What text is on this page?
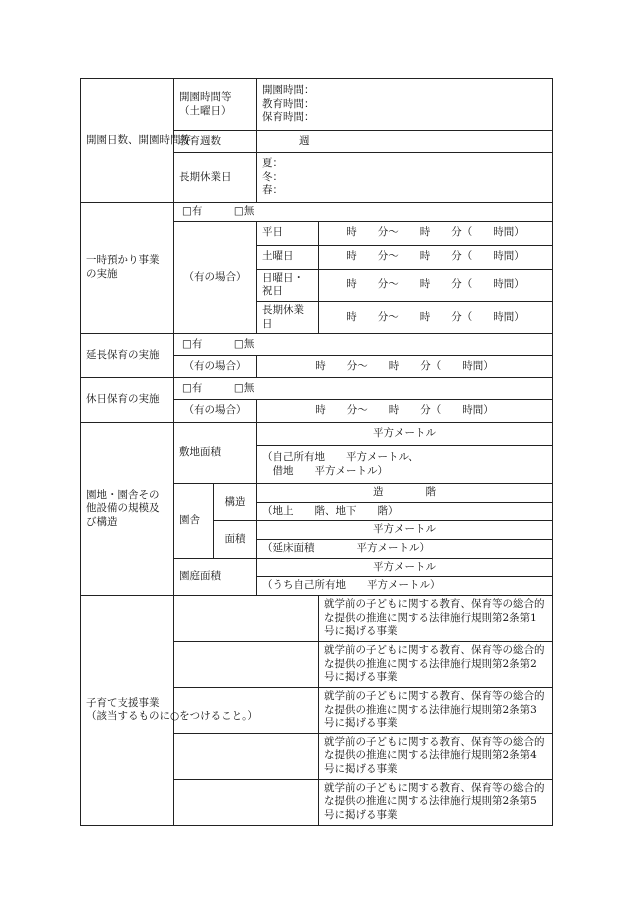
開園日数、開園時間等	開園時間等
（土曜日）		開園時間：
教育時間：
保育時間：	
	教育週数		週	
	長期休業日		夏：
冬：
春：	
一時預かり事業の実施	□有　　　□無			
	（有の場合）		平日	時　　分～　　時　　分（　　時間）
			土曜日	時　　分～　　時　　分（　　時間）
			日曜日・
祝日	時　　分～　　時　　分（　　時間）
			長期休業
日	時　　分～　　時　　分（　　時間）
延長保育の実施	□有　　　□無			
	（有の場合）		時　　分～　　時　　分（　　時間）	
休日保育の実施	□有　　　□無			
	（有の場合）		時　　分～　　時　　分（　　時間）	
園地・園舎その他設備の規模及び構造	敷地面積		平方メートル	
			（自己所有地　　平方メートル、
　借地　　平方メートル）	
	園舎	構造	造　　　　階	
			（地上　　階、地下　　階）	
		面積	平方メートル	
			（延床面積　　　　平方メートル）	
	園庭面積		平方メートル	
			（うち自己所有地　　平方メートル）	
子育て支援事業
（該当するものに○をつけること。）				就学前の子どもに関する教育、保育等の総合的な提供の推進に関する法律施行規則第2条第1号に掲げる事業
				就学前の子どもに関する教育、保育等の総合的な提供の推進に関する法律施行規則第2条第2号に掲げる事業
				就学前の子どもに関する教育、保育等の総合的な提供の推進に関する法律施行規則第2条第3号に掲げる事業
				就学前の子どもに関する教育、保育等の総合的な提供の推進に関する法律施行規則第2条第4号に掲げる事業
				就学前の子どもに関する教育、保育等の総合的な提供の推進に関する法律施行規則第2条第5号に掲げる事業
